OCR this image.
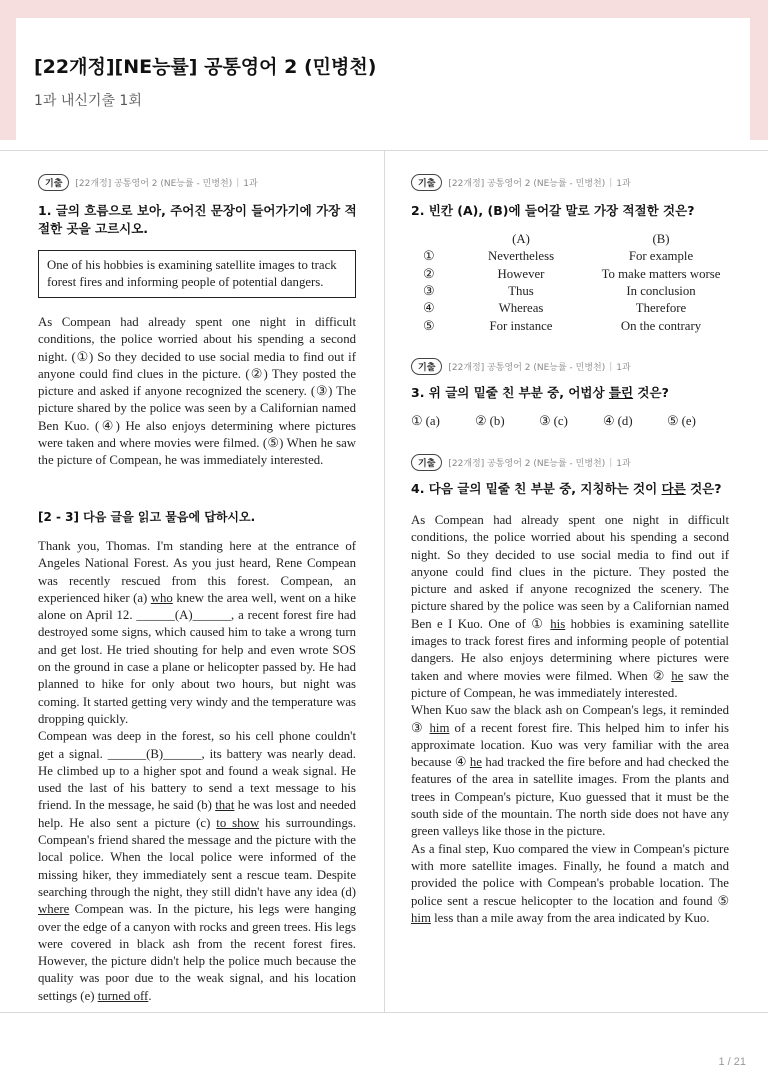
[22개정][NE능률] 공통영어 2 (민병천)
1과 내신기출 1회
기출	[22개정] 공통영어 2 (NE능률 - 민병천) | 1과
1. 글의 흐름으로 보아, 주어진 문장이 들어가기에 가장 적절한 곳을 고르시오.
One of his hobbies is examining satellite images to track forest fires and informing people of potential dangers.
As Compean had already spent one night in difficult conditions, the police worried about his spending a second night. (①) So they decided to use social media to find out if anyone could find clues in the picture. (②) They posted the picture and asked if anyone recognized the scenery. (③) The picture shared by the police was seen by a Californian named Ben Kuo. (④) He also enjoys determining where pictures were taken and where movies were filmed. (⑤) When he saw the picture of Compean, he was immediately interested.
[2 - 3] 다음 글을 읽고 물음에 답하시오.

Thank you, Thomas. I'm standing here at the entrance of Angeles National Forest. As you just heard, Rene Compean was recently rescued from this forest. Compean, an experienced hiker (a) who knew the area well, went on a hike alone on April 12. ______(A)______, a recent forest fire had destroyed some signs, which caused him to take a wrong turn and get lost. He tried shouting for help and even wrote SOS on the ground in case a plane or helicopter passed by. He had planned to hike for only about two hours, but night was coming. It started getting very windy and the temperature was dropping quickly.

Compean was deep in the forest, so his cell phone couldn't get a signal. ______(B)______, its battery was nearly dead. He climbed up to a higher spot and found a weak signal. He used the last of his battery to send a text message to his friend. In the message, he said (b) that he was lost and needed help. He also sent a picture (c) to show his surroundings. Compean's friend shared the message and the picture with the local police. When the local police were informed of the missing hiker, they immediately sent a rescue team. Despite searching through the night, they still didn't have any idea (d) where Compean was. In the picture, his legs were hanging over the edge of a canyon with rocks and green trees. His legs were covered in black ash from the recent forest fires. However, the picture didn't help the police much because the quality was poor due to the weak signal, and his location settings (e) turned off.

기출	[22개정] 공통영어 2 (NE능률 - 민병천) | 1과
2. 빈칸 (A), (B)에 들어갈 말로 가장 적절한 것은?
(A)	(B)
①	Nevertheless	For example
②	However	To make matters worse
③	Thus	In conclusion
④	Whereas	Therefore
⑤	For instance	On the contrary
기출	[22개정] 공통영어 2 (NE능률 - 민병천) | 1과
3. 위 글의 밑줄 친 부분 중, 어법상 틀린 것은?
① (a)	② (b)	③ (c)	④ (d)	⑤ (e)
기출	[22개정] 공통영어 2 (NE능률 - 민병천) | 1과
4. 다음 글의 밑줄 친 부분 중, 지칭하는 것이 다른 것은?

As Compean had already spent one night in difficult conditions, the police worried about his spending a second night. So they decided to use social media to find out if anyone could find clues in the picture. They posted the picture and asked if anyone recognized the scenery. The picture shared by the police was seen by a Californian named Ben e I Kuo. One of ① his hobbies is examining satellite images to track forest fires and informing people of potential dangers. He also enjoys determining where pictures were taken and where movies were filmed. When ② he saw the picture of Compean, he was immediately interested.

When Kuo saw the black ash on Compean's legs, it reminded ③ him of a recent forest fire. This helped him to infer his approximate location. Kuo was very familiar with the area because ④ he had tracked the fire before and had checked the features of the area in satellite images. From the plants and trees in Compean's picture, Kuo guessed that it must be the south side of the mountain. The north side does not have any green valleys like those in the picture.

As a final step, Kuo compared the view in Compean's picture with more satellite images. Finally, he found a match and provided the police with Compean's probable location. The police sent a rescue helicopter to the location and found ⑤ him less than a mile away from the area indicated by Kuo.

1 / 21
